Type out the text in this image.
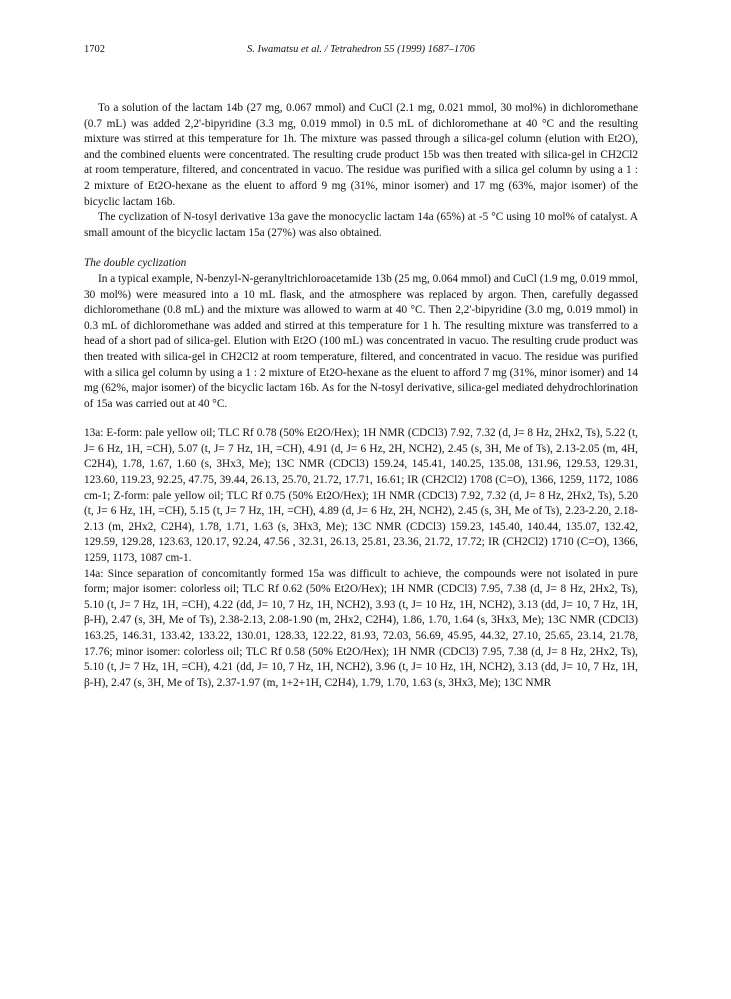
1702	S. Iwamatsu et al. / Tetrahedron 55 (1999) 1687–1706

To a solution of the lactam 14b (27 mg, 0.067 mmol) and CuCl (2.1 mg, 0.021 mmol, 30 mol%) in dichloromethane (0.7 mL) was added 2,2'-bipyridine (3.3 mg, 0.019 mmol) in 0.5 mL of dichloromethane at 40 °C and the resulting mixture was stirred at this temperature for 1h. The mixture was passed through a silica-gel column (elution with Et2O), and the combined eluents were concentrated. The resulting crude product 15b was then treated with silica-gel in CH2Cl2 at room temperature, filtered, and concentrated in vacuo. The residue was purified with a silica gel column by using a 1 : 2 mixture of Et2O-hexane as the eluent to afford 9 mg (31%, minor isomer) and 17 mg (63%, major isomer) of the bicyclic lactam 16b.

The cyclization of N-tosyl derivative 13a gave the monocyclic lactam 14a (65%) at -5 °C using 10 mol% of catalyst. A small amount of the bicyclic lactam 15a (27%) was also obtained.

The double cyclization

In a typical example, N-benzyl-N-geranyltrichloroacetamide 13b (25 mg, 0.064 mmol) and CuCl (1.9 mg, 0.019 mmol, 30 mol%) were measured into a 10 mL flask, and the atmosphere was replaced by argon. Then, carefully degassed dichloromethane (0.8 mL) and the mixture was allowed to warm at 40 °C. Then 2,2'-bipyridine (3.0 mg, 0.019 mmol) in 0.3 mL of dichloromethane was added and stirred at this temperature for 1 h. The resulting mixture was transferred to a head of a short pad of silica-gel. Elution with Et2O (100 mL) was concentrated in vacuo. The resulting crude product was then treated with silica-gel in CH2Cl2 at room temperature, filtered, and concentrated in vacuo. The residue was purified with a silica gel column by using a 1 : 2 mixture of Et2O-hexane as the eluent to afford 7 mg (31%, minor isomer) and 14 mg (62%, major isomer) of the bicyclic lactam 16b. As for the N-tosyl derivative, silica-gel mediated dehydrochlorination of 15a was carried out at 40 °C.

13a: E-form: pale yellow oil; TLC Rf 0.78 (50% Et2O/Hex); 1H NMR (CDCl3) 7.92, 7.32 (d, J= 8 Hz, 2Hx2, Ts), 5.22 (t, J= 6 Hz, 1H, =CH), 5.07 (t, J= 7 Hz, 1H, =CH), 4.91 (d, J= 6 Hz, 2H, NCH2), 2.45 (s, 3H, Me of Ts), 2.13-2.05 (m, 4H, C2H4), 1.78, 1.67, 1.60 (s, 3Hx3, Me); 13C NMR (CDCl3) 159.24, 145.41, 140.25, 135.08, 131.96, 129.53, 129.31, 123.60, 119.23, 92.25, 47.75, 39.44, 26.13, 25.70, 21.72, 17.71, 16.61; IR (CH2Cl2) 1708 (C=O), 1366, 1259, 1172, 1086 cm-1; Z-form: pale yellow oil; TLC Rf 0.75 (50% Et2O/Hex); 1H NMR (CDCl3) 7.92, 7.32 (d, J= 8 Hz, 2Hx2, Ts), 5.20 (t, J= 6 Hz, 1H, =CH), 5.15 (t, J= 7 Hz, 1H, =CH), 4.89 (d, J= 6 Hz, 2H, NCH2), 2.45 (s, 3H, Me of Ts), 2.23-2.20, 2.18-2.13 (m, 2Hx2, C2H4), 1.78, 1.71, 1.63 (s, 3Hx3, Me); 13C NMR (CDCl3) 159.23, 145.40, 140.44, 135.07, 132.42, 129.59, 129.28, 123.63, 120.17, 92.24, 47.56 , 32.31, 26.13, 25.81, 23.36, 21.72, 17.72; IR (CH2Cl2) 1710 (C=O), 1366, 1259, 1173, 1087 cm-1.

14a: Since separation of concomitantly formed 15a was difficult to achieve, the compounds were not isolated in pure form; major isomer: colorless oil; TLC Rf 0.62 (50% Et2O/Hex); 1H NMR (CDCl3) 7.95, 7.38 (d, J= 8 Hz, 2Hx2, Ts), 5.10 (t, J= 7 Hz, 1H, =CH), 4.22 (dd, J= 10, 7 Hz, 1H, NCH2), 3.93 (t, J= 10 Hz, 1H, NCH2), 3.13 (dd, J= 10, 7 Hz, 1H, β-H), 2.47 (s, 3H, Me of Ts), 2.38-2.13, 2.08-1.90 (m, 2Hx2, C2H4), 1.86, 1.70, 1.64 (s, 3Hx3, Me); 13C NMR (CDCl3) 163.25, 146.31, 133.42, 133.22, 130.01, 128.33, 122.22, 81.93, 72.03, 56.69, 45.95, 44.32, 27.10, 25.65, 23.14, 21.78, 17.76; minor isomer: colorless oil; TLC Rf 0.58 (50% Et2O/Hex); 1H NMR (CDCl3) 7.95, 7.38 (d, J= 8 Hz, 2Hx2, Ts), 5.10 (t, J= 7 Hz, 1H, =CH), 4.21 (dd, J= 10, 7 Hz, 1H, NCH2), 3.96 (t, J= 10 Hz, 1H, NCH2), 3.13 (dd, J= 10, 7 Hz, 1H, β-H), 2.47 (s, 3H, Me of Ts), 2.37-1.97 (m, 1+2+1H, C2H4), 1.79, 1.70, 1.63 (s, 3Hx3, Me); 13C NMR
